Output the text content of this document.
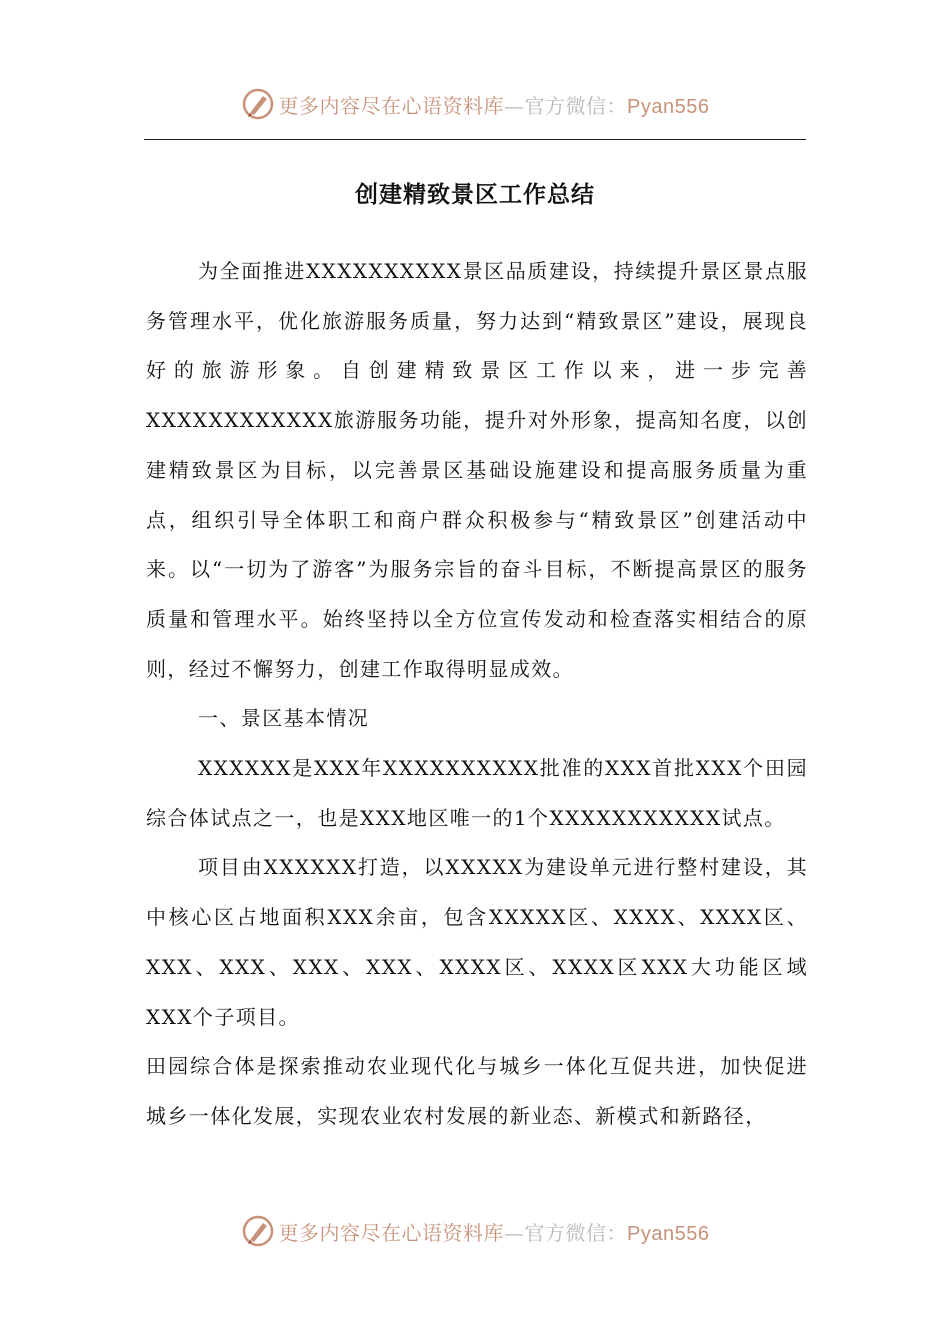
更多内容尽在心语资料库—官方微信：Pyan556
创建精致景区工作总结

为全面推进XXXXXXXXXX景区品质建设，持续提升景区景点服务管理水平，优化旅游服务质量，努力达到“精致景区”建设，展现良好的旅游形象。自创建精致景区工作以来，进一步完善XXXXXXXXXXXX旅游服务功能，提升对外形象，提高知名度，以创建精致景区为目标，以完善景区基础设施建设和提高服务质量为重点，组织引导全体职工和商户群众积极参与“精致景区”创建活动中来。以“一切为了游客”为服务宗旨的奋斗目标，不断提高景区的服务质量和管理水平。始终坚持以全方位宣传发动和检查落实相结合的原则，经过不懈努力，创建工作取得明显成效。

一、景区基本情况

XXXXXX是XXX年XXXXXXXXXX批准的XXX首批XXX个田园综合体试点之一，也是XXX地区唯一的1个XXXXXXXXXXX试点。

项目由XXXXXX打造，以XXXXX为建设单元进行整村建设，其中核心区占地面积XXX余亩，包含XXXXX区、XXXX、XXXX区、XXX、XXX、XXX、XXX、XXXX区、XXXX区XXX大功能区域XXX个子项目。

田园综合体是探索推动农业现代化与城乡一体化互促共进，加快促进城乡一体化发展，实现农业农村发展的新业态、新模式和新路径，

更多内容尽在心语资料库—官方微信：Pyan556
